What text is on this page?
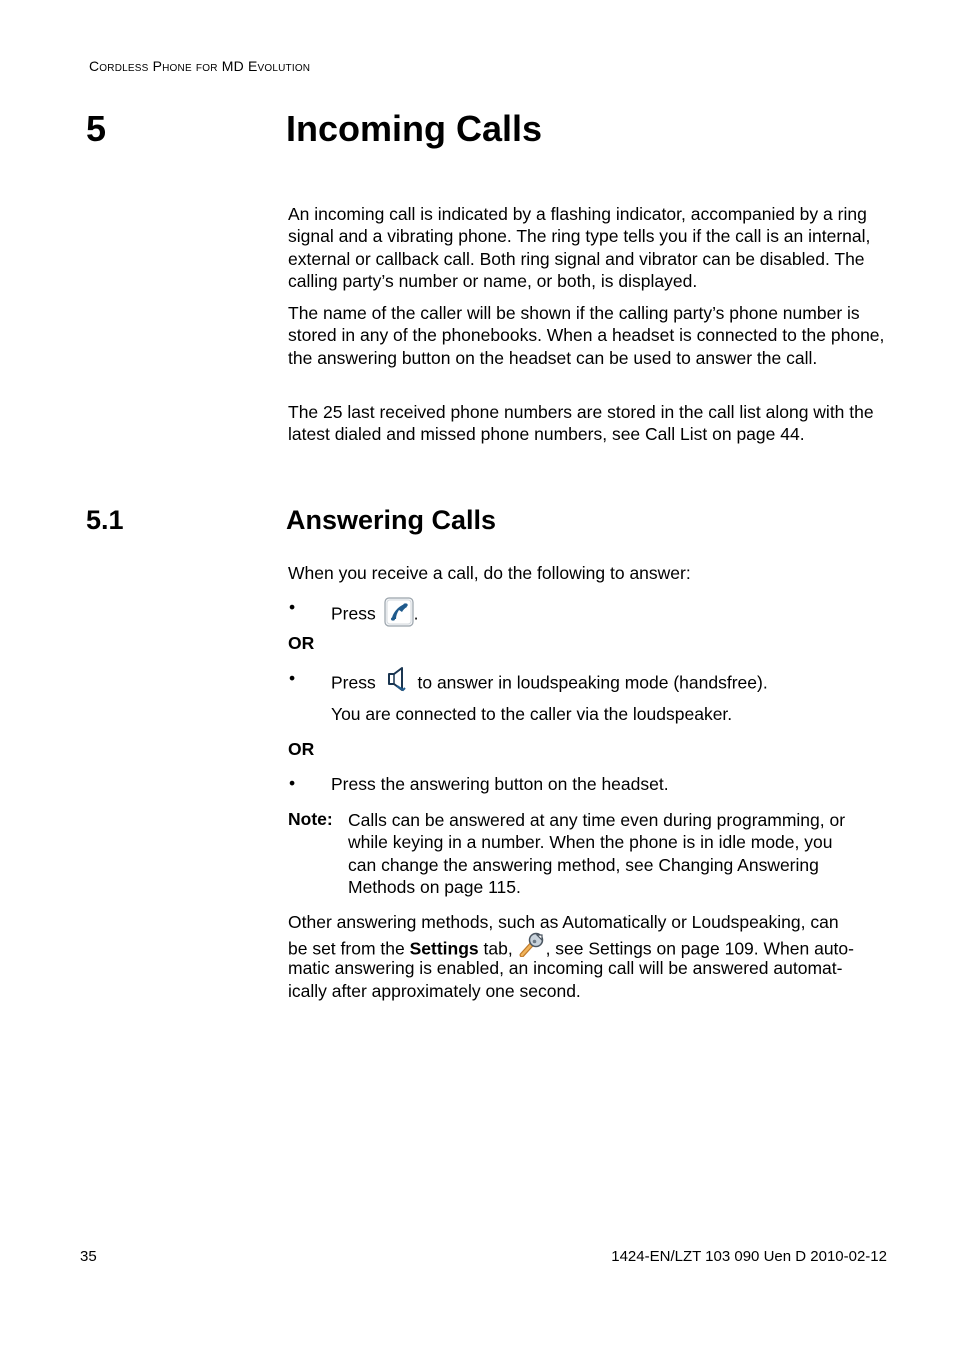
Cordless Phone for MD Evolution
5	Incoming Calls

An incoming call is indicated by a flashing indicator, accompanied by a ring signal and a vibrating phone. The ring type tells you if the call is an internal, external or callback call. Both ring signal and vibrator can be disabled. The calling party’s number or name, or both, is displayed.

The name of the caller will be shown if the calling party’s phone number is stored in any of the phonebooks. When a headset is connected to the phone, the answering button on the headset can be used to answer the call.

The 25 last received phone numbers are stored in the call list along with the latest dialed and missed phone numbers, see Call List on page 44.

5.1	Answering Calls
When you receive a call, do the following to answer:
• Press .
OR
• Press to answer in loudspeaking mode (handsfree).
You are connected to the caller via the loudspeaker.
OR
• Press the answering button on the headset.
Note: Calls can be answered at any time even during programming, or
while keying in a number. When the phone is in idle mode, you
can change the answering method, see Changing Answering
Methods on page 115.
Other answering methods, such as Automatically or Loudspeaking, can
be set from the Settings tab, , see Settings on page 109. When auto-
matic answering is enabled, an incoming call will be answered automat-
ically after approximately one second.
35	1424-EN/LZT 103 090 Uen D 2010-02-12
